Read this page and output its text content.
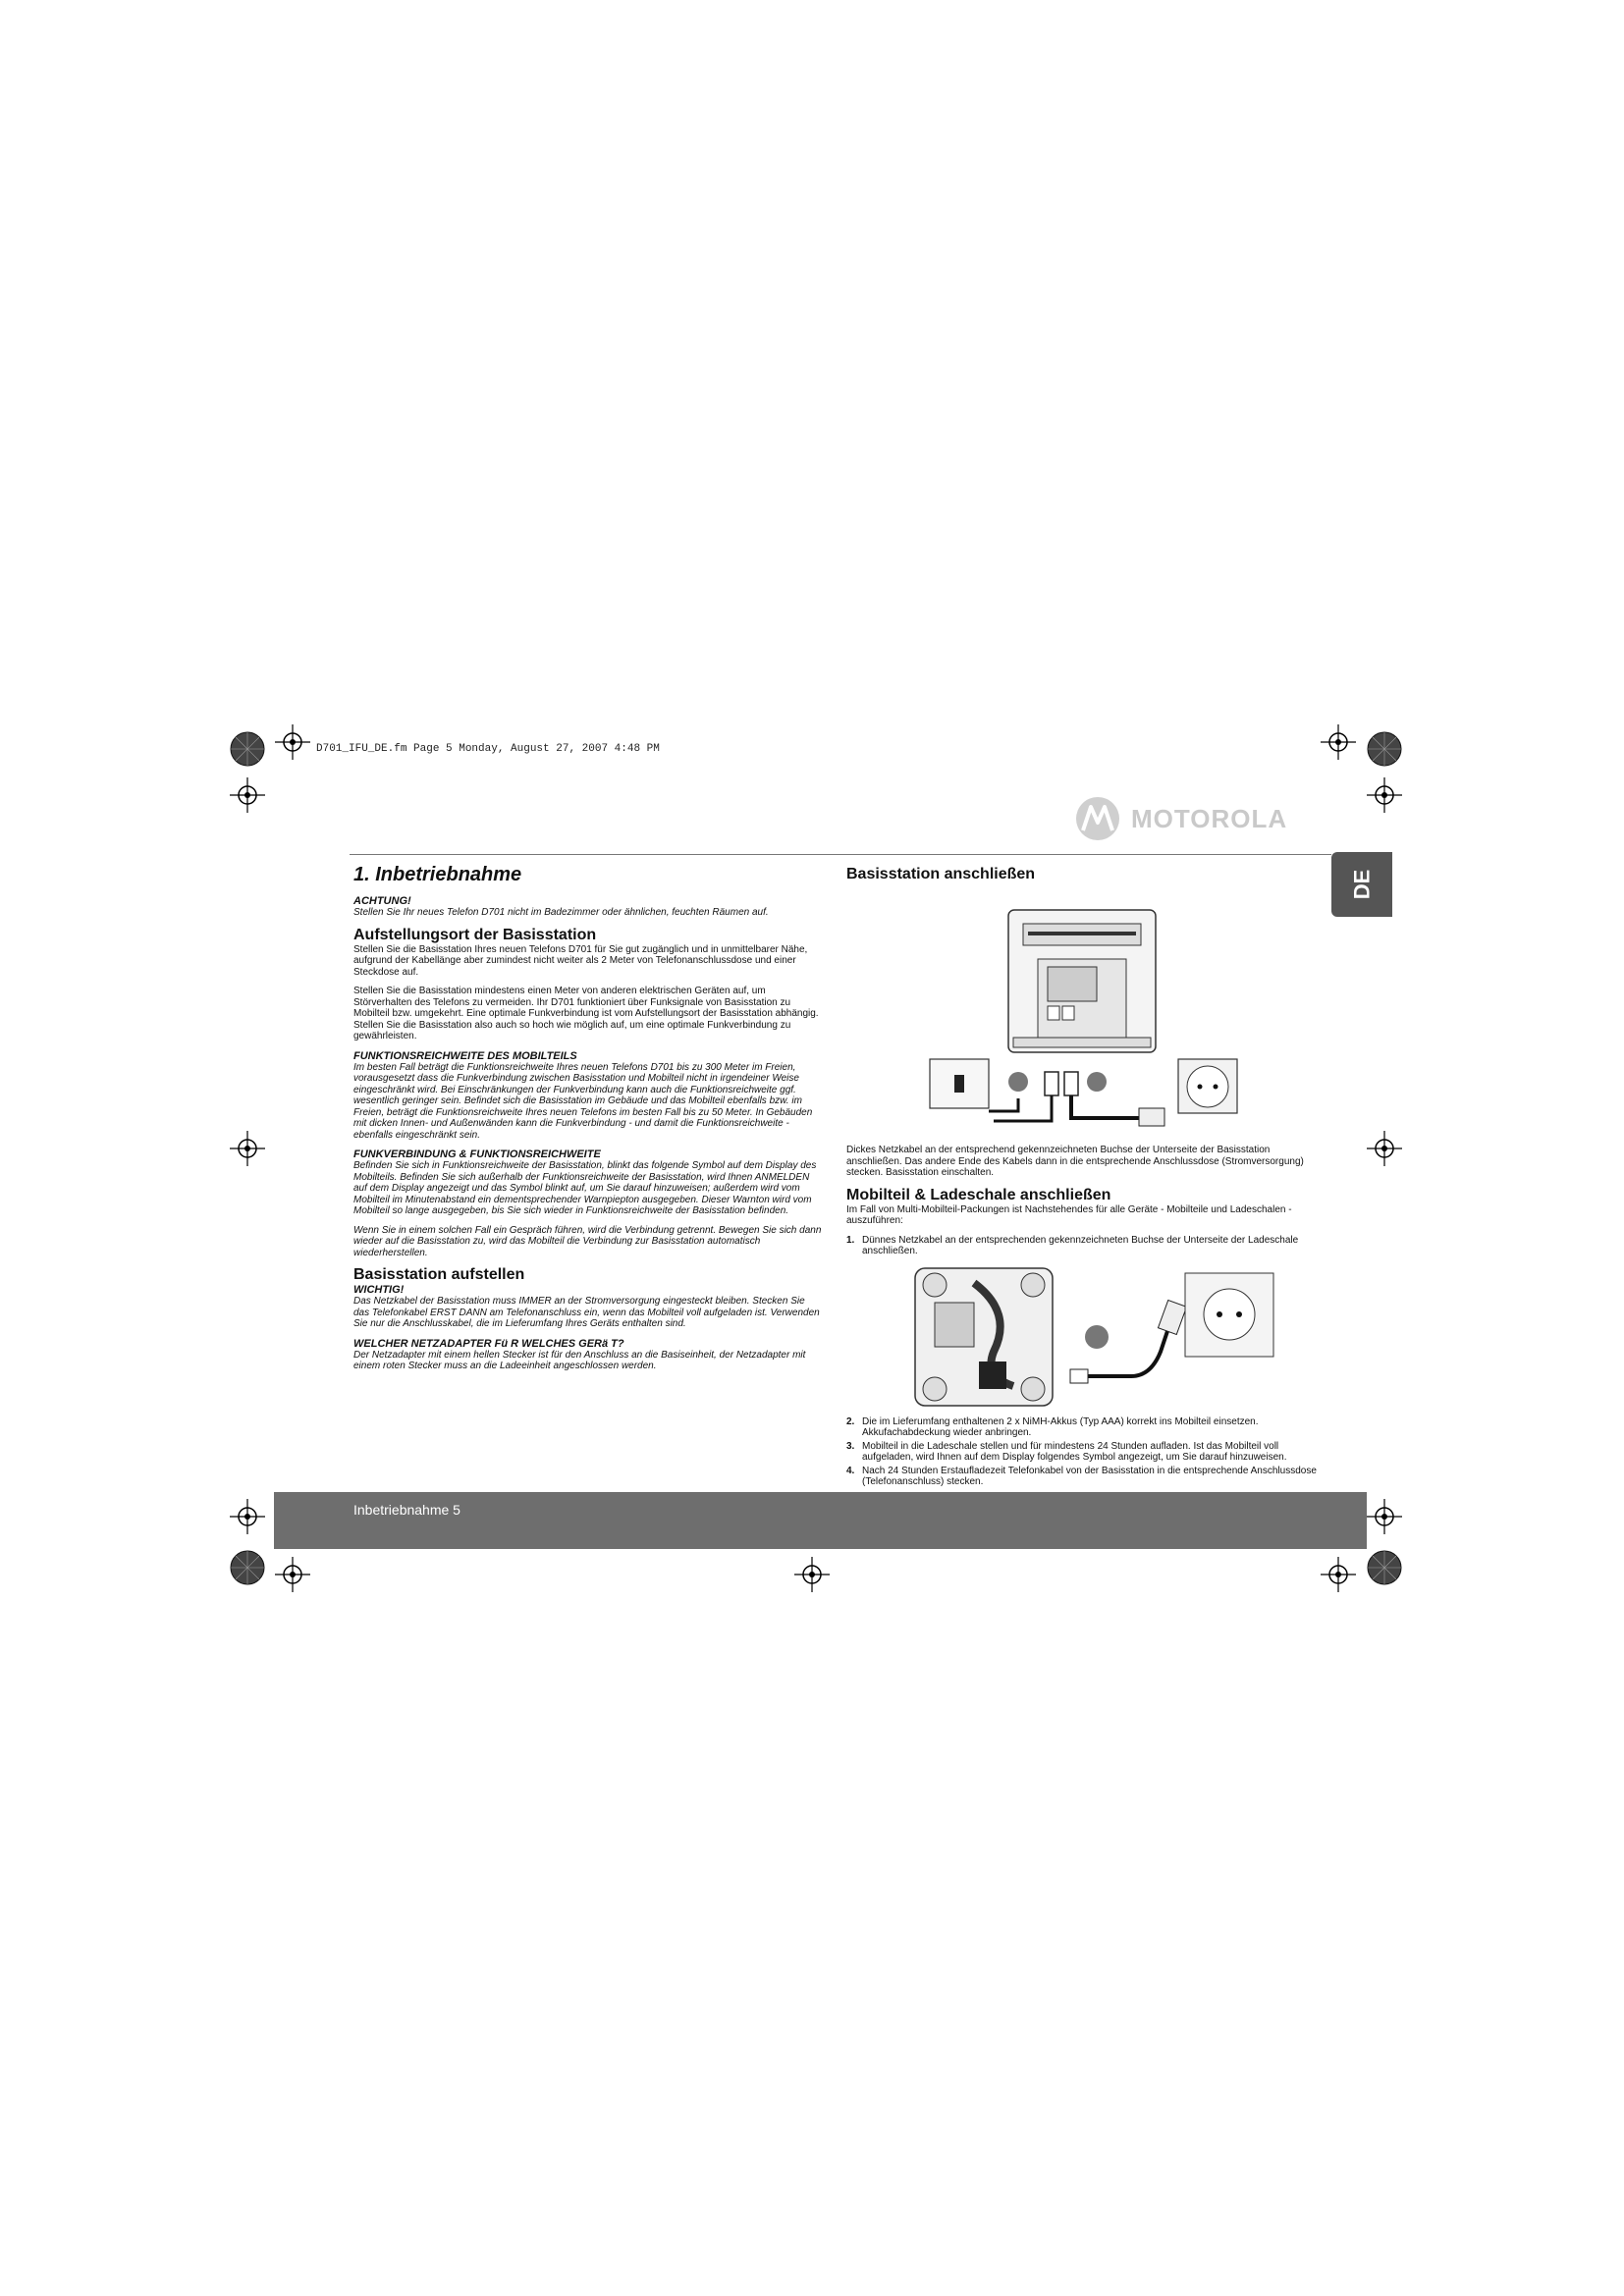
D701_IFU_DE.fm Page 5 Monday, August 27, 2007 4:48 PM
MOTOROLA
DE
1. Inbetriebnahme
ACHTUNG!

Stellen Sie Ihr neues Telefon D701 nicht im Badezimmer oder ähnlichen, feuchten Räumen auf.

Aufstellungsort der Basisstation

Stellen Sie die Basisstation Ihres neuen Telefons D701 für Sie gut zugänglich und in unmittelbarer Nähe, aufgrund der Kabellänge aber zumindest nicht weiter als 2 Meter von Telefonanschlussdose und einer Steckdose auf.

Stellen Sie die Basisstation mindestens einen Meter von anderen elektrischen Geräten auf, um Störverhalten des Telefons zu vermeiden. Ihr D701 funktioniert über Funksignale von Basisstation zu Mobilteil bzw. umgekehrt. Eine optimale Funkverbindung ist vom Aufstellungsort der Basisstation abhängig. Stellen Sie die Basisstation also auch so hoch wie möglich auf, um eine optimale Funkverbindung zu gewährleisten.

FUNKTIONSREICHWEITE DES MOBILTEILS

Im besten Fall beträgt die Funktionsreichweite Ihres neuen Telefons D701 bis zu 300 Meter im Freien, vorausgesetzt dass die Funkverbindung zwischen Basisstation und Mobilteil nicht in irgendeiner Weise eingeschränkt wird. Bei Einschränkungen der Funkverbindung kann auch die Funktionsreichweite ggf. wesentlich geringer sein. Befindet sich die Basisstation im Gebäude und das Mobilteil ebenfalls bzw. im Freien, beträgt die Funktionsreichweite Ihres neuen Telefons im besten Fall bis zu 50 Meter. In Gebäuden mit dicken Innen- und Außenwänden kann die Funkverbindung - und damit die Funktionsreichweite - ebenfalls eingeschränkt sein.

FUNKVERBINDUNG & FUNKTIONSREICHWEITE

Befinden Sie sich in Funktionsreichweite der Basisstation, blinkt das folgende Symbol auf dem Display des Mobilteils. Befinden Sie sich außerhalb der Funktionsreichweite der Basisstation, wird Ihnen ANMELDEN auf dem Display angezeigt und das Symbol blinkt auf, um Sie darauf hinzuweisen; außerdem wird vom Mobilteil im Minutenabstand ein dementsprechender Warnpiepton ausgegeben. Dieser Warnton wird vom Mobilteil so lange ausgegeben, bis Sie sich wieder in Funktionsreichweite der Basisstation befinden.

Wenn Sie in einem solchen Fall ein Gespräch führen, wird die Verbindung getrennt. Bewegen Sie sich dann wieder auf die Basisstation zu, wird das Mobilteil die Verbindung zur Basisstation automatisch wiederherstellen.

Basisstation aufstellen
WICHTIG!

Das Netzkabel der Basisstation muss IMMER an der Stromversorgung eingesteckt bleiben. Stecken Sie das Telefonkabel ERST DANN am Telefonanschluss ein, wenn das Mobilteil voll aufgeladen ist. Verwenden Sie nur die Anschlusskabel, die im Lieferumfang Ihres Geräts enthalten sind.

WELCHER NETZADAPTER Fü R WELCHES GERä T?

Der Netzadapter mit einem hellen Stecker ist für den Anschluss an die Basiseinheit, der Netzadapter mit einem roten Stecker muss an die Ladeeinheit angeschlossen werden.

Basisstation anschließen

Dickes Netzkabel an der entsprechend gekennzeichneten Buchse der Unterseite der Basisstation anschließen. Das andere Ende des Kabels dann in die entsprechende Anschlussdose (Stromversorgung) stecken. Basisstation einschalten.

Mobilteil & Ladeschale anschließen

Im Fall von Multi-Mobilteil-Packungen ist Nachstehendes für alle Geräte - Mobilteile und Ladeschalen - auszuführen:

1. Dünnes Netzkabel an der entsprechenden gekennzeichneten Buchse der Unterseite der Ladeschale anschließen.
2. Die im Lieferumfang enthaltenen 2 x NiMH-Akkus (Typ AAA) korrekt ins Mobilteil einsetzen. Akkufachabdeckung wieder anbringen.
3. Mobilteil in die Ladeschale stellen und für mindestens 24 Stunden aufladen. Ist das Mobilteil voll aufgeladen, wird Ihnen auf dem Display folgendes Symbol angezeigt, um Sie darauf hinzuweisen.
4. Nach 24 Stunden Erstaufladezeit Telefonkabel von der Basisstation in die entsprechende Anschlussdose (Telefonanschluss) stecken.
Inbetriebnahme 5
